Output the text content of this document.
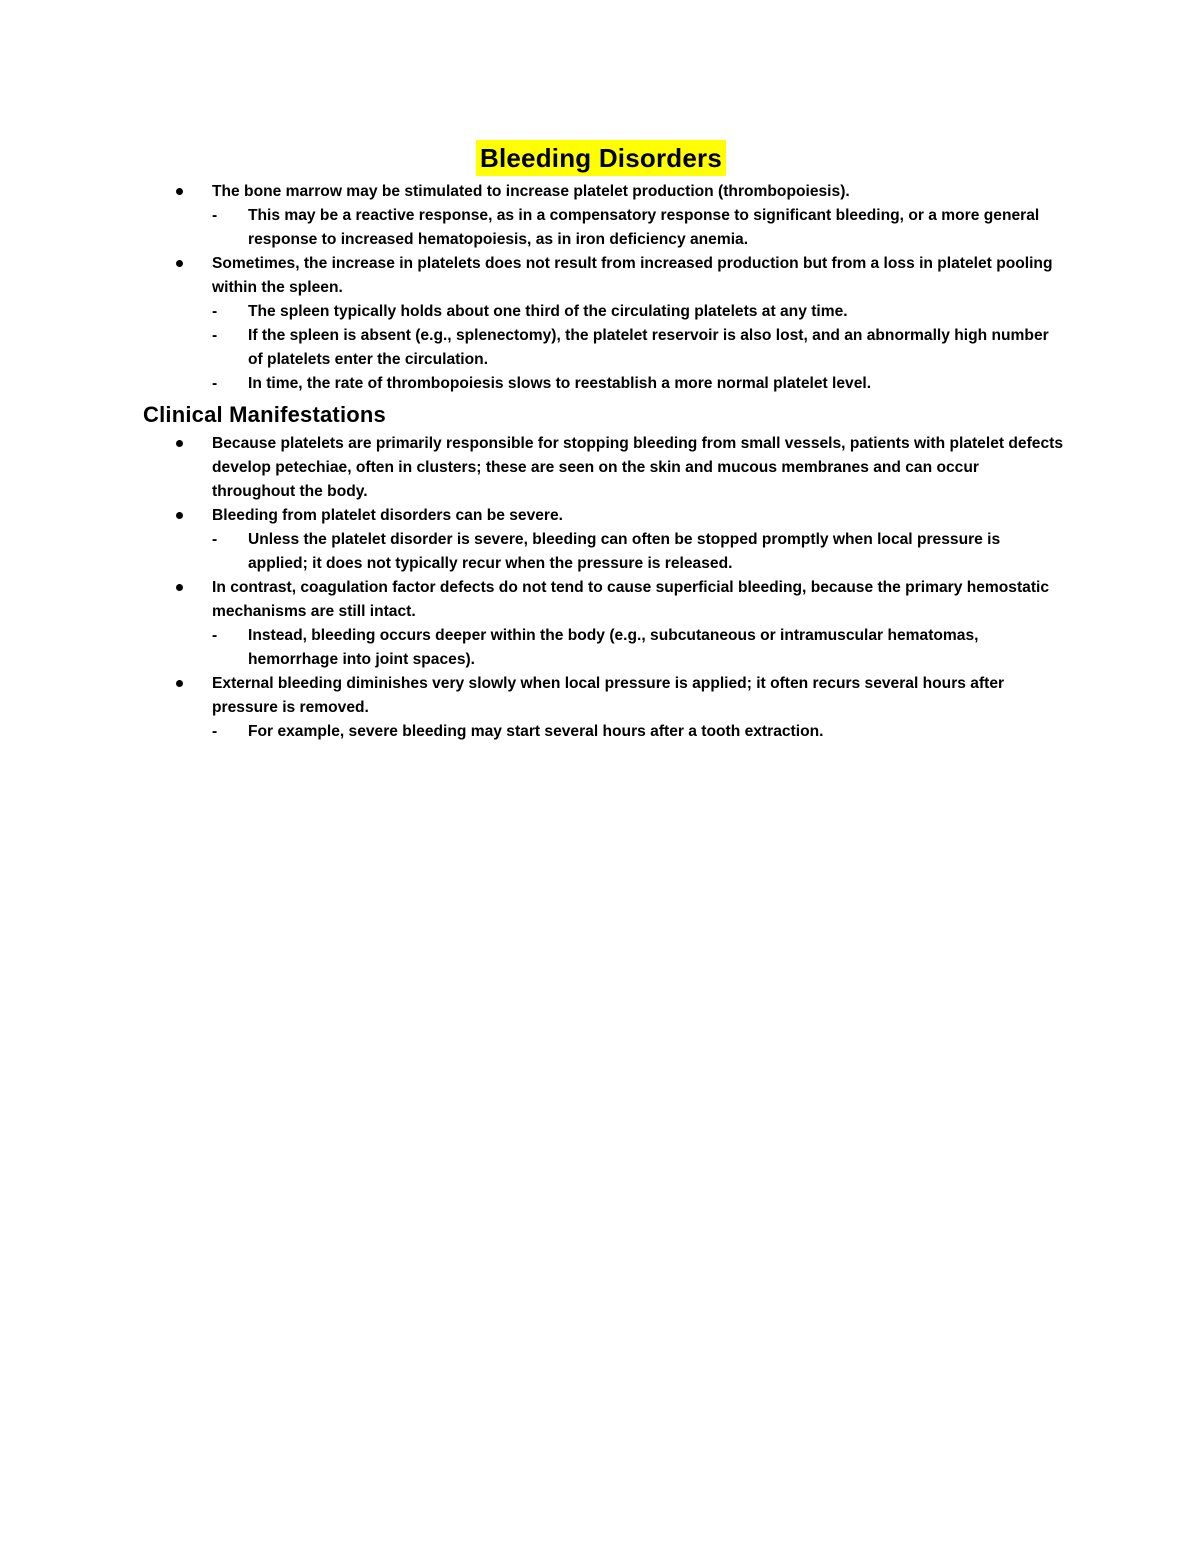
Bleeding Disorders
The bone marrow may be stimulated to increase platelet production (thrombopoiesis).
-	This may be a reactive response, as in a compensatory response to significant bleeding, or a more general response to increased hematopoiesis, as in iron deficiency anemia.
Sometimes, the increase in platelets does not result from increased production but from a loss in platelet pooling within the spleen.
-	The spleen typically holds about one third of the circulating platelets at any time.
-	If the spleen is absent (e.g., splenectomy), the platelet reservoir is also lost, and an abnormally high number of platelets enter the circulation.
-	In time, the rate of thrombopoiesis slows to reestablish a more normal platelet level.
Clinical Manifestations
Because platelets are primarily responsible for stopping bleeding from small vessels, patients with platelet defects develop petechiae, often in clusters; these are seen on the skin and mucous membranes and can occur throughout the body.
Bleeding from platelet disorders can be severe.
-	Unless the platelet disorder is severe, bleeding can often be stopped promptly when local pressure is applied; it does not typically recur when the pressure is released.
In contrast, coagulation factor defects do not tend to cause superficial bleeding, because the primary hemostatic mechanisms are still intact.
-	Instead, bleeding occurs deeper within the body (e.g., subcutaneous or intramuscular hematomas, hemorrhage into joint spaces).
External bleeding diminishes very slowly when local pressure is applied; it often recurs several hours after pressure is removed.
-	For example, severe bleeding may start several hours after a tooth extraction.
